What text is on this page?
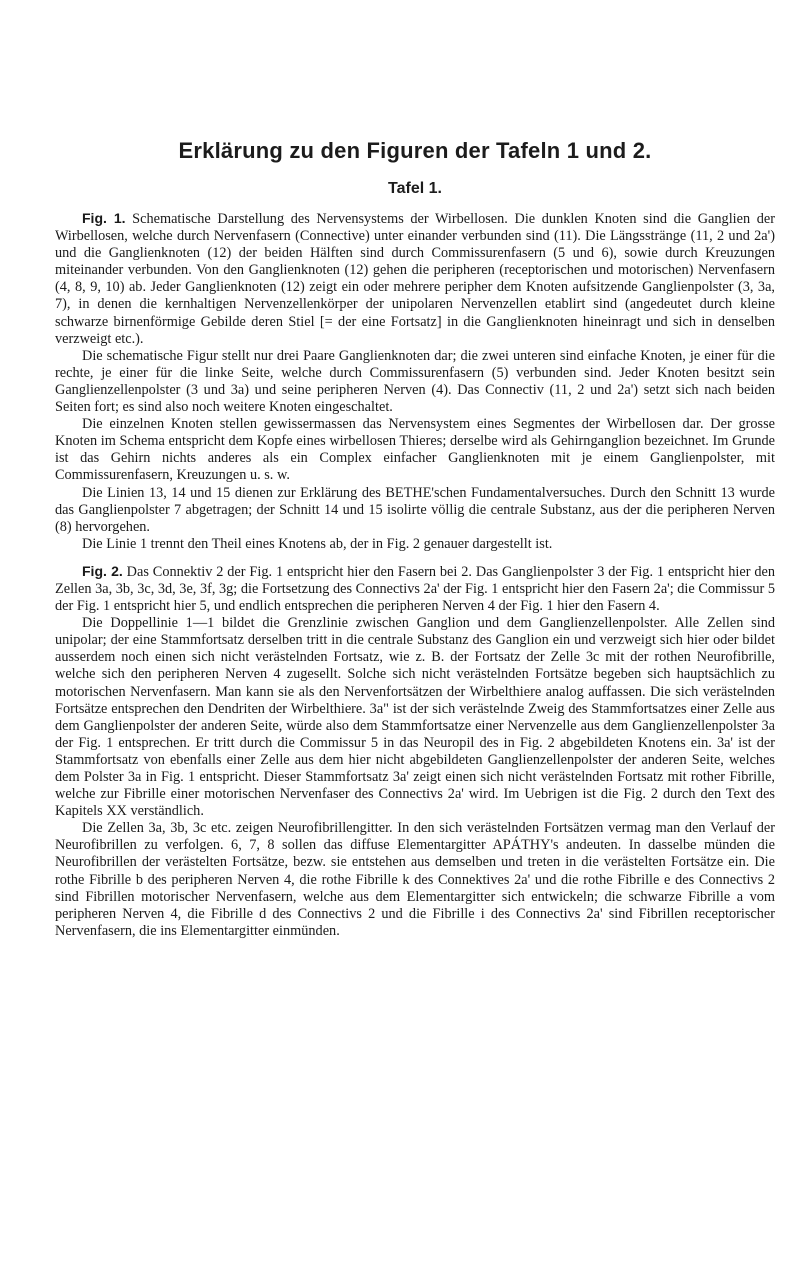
Erklärung zu den Figuren der Tafeln 1 und 2.
Tafel 1.

Fig. 1. Schematische Darstellung des Nervensystems der Wirbellosen. Die dunklen Knoten sind die Ganglien der Wirbellosen, welche durch Nervenfasern (Connective) unter einander verbunden sind (11). Die Längsstränge (11, 2 und 2a') und die Ganglienknoten (12) der beiden Hälften sind durch Commissurenfasern (5 und 6), sowie durch Kreuzungen miteinander verbunden. Von den Ganglienknoten (12) gehen die peripheren (receptorischen und motorischen) Nervenfasern (4, 8, 9, 10) ab. Jeder Ganglienknoten (12) zeigt ein oder mehrere peripher dem Knoten aufsitzende Ganglienpolster (3, 3a, 7), in denen die kernhaltigen Nervenzellenkörper der unipolaren Nervenzellen etablirt sind (angedeutet durch kleine schwarze birnenförmige Gebilde deren Stiel [= der eine Fortsatz] in die Ganglienknoten hineinragt und sich in denselben verzweigt etc.).

Die schematische Figur stellt nur drei Paare Ganglienknoten dar; die zwei unteren sind einfache Knoten, je einer für die rechte, je einer für die linke Seite, welche durch Commissurenfasern (5) verbunden sind. Jeder Knoten besitzt sein Ganglienzellenpolster (3 und 3a) und seine peripheren Nerven (4). Das Connectiv (11, 2 und 2a') setzt sich nach beiden Seiten fort; es sind also noch weitere Knoten eingeschaltet.

Die einzelnen Knoten stellen gewissermassen das Nervensystem eines Segmentes der Wirbellosen dar. Der grosse Knoten im Schema entspricht dem Kopfe eines wirbellosen Thieres; derselbe wird als Gehirnganglion bezeichnet. Im Grunde ist das Gehirn nichts anderes als ein Complex einfacher Ganglienknoten mit je einem Ganglienpolster, mit Commissurenfasern, Kreuzungen u. s. w.

Die Linien 13, 14 und 15 dienen zur Erklärung des BETHE'schen Fundamentalversuches. Durch den Schnitt 13 wurde das Ganglienpolster 7 abgetragen; der Schnitt 14 und 15 isolirte völlig die centrale Substanz, aus der die peripheren Nerven (8) hervorgehen.

Die Linie 1 trennt den Theil eines Knotens ab, der in Fig. 2 genauer dargestellt ist.

Fig. 2. Das Connektiv 2 der Fig. 1 entspricht hier den Fasern bei 2. Das Ganglienpolster 3 der Fig. 1 entspricht hier den Zellen 3a, 3b, 3c, 3d, 3e, 3f, 3g; die Fortsetzung des Connectivs 2a' der Fig. 1 entspricht hier den Fasern 2a'; die Commissur 5 der Fig. 1 entspricht hier 5, und endlich entsprechen die peripheren Nerven 4 der Fig. 1 hier den Fasern 4.

Die Doppellinie 1—1 bildet die Grenzlinie zwischen Ganglion und dem Ganglienzellenpolster. Alle Zellen sind unipolar; der eine Stammfortsatz derselben tritt in die centrale Substanz des Ganglion ein und verzweigt sich hier oder bildet ausserdem noch einen sich nicht verästelnden Fortsatz, wie z. B. der Fortsatz der Zelle 3c mit der rothen Neurofibrille, welche sich den peripheren Nerven 4 zugesellt. Solche sich nicht verästelnden Fortsätze begeben sich hauptsächlich zu motorischen Nervenfasern. Man kann sie als den Nervenfortsätzen der Wirbelthiere analog auffassen. Die sich verästelnden Fortsätze entsprechen den Dendriten der Wirbelthiere. 3a" ist der sich verästelnde Zweig des Stammfortsatzes einer Zelle aus dem Ganglienpolster der anderen Seite, würde also dem Stammfortsatze einer Nervenzelle aus dem Ganglienzellenpolster 3a der Fig. 1 entsprechen. Er tritt durch die Commissur 5 in das Neuropil des in Fig. 2 abgebildeten Knotens ein. 3a' ist der Stammfortsatz von ebenfalls einer Zelle aus dem hier nicht abgebildeten Ganglienzellenpolster der anderen Seite, welches dem Polster 3a in Fig. 1 entspricht. Dieser Stammfortsatz 3a' zeigt einen sich nicht verästelnden Fortsatz mit rother Fibrille, welche zur Fibrille einer motorischen Nervenfaser des Connectivs 2a' wird. Im Uebrigen ist die Fig. 2 durch den Text des Kapitels XX verständlich.

Die Zellen 3a, 3b, 3c etc. zeigen Neurofibrillengitter. In den sich verästelnden Fortsätzen vermag man den Verlauf der Neurofibrillen zu verfolgen. 6, 7, 8 sollen das diffuse Elementargitter APÁTHY's andeuten. In dasselbe münden die Neurofibrillen der verästelten Fortsätze, bezw. sie entstehen aus demselben und treten in die verästelten Fortsätze ein. Die rothe Fibrille b des peripheren Nerven 4, die rothe Fibrille k des Connektives 2a' und die rothe Fibrille e des Connectivs 2 sind Fibrillen motorischer Nervenfasern, welche aus dem Elementargitter sich entwickeln; die schwarze Fibrille a vom peripheren Nerven 4, die Fibrille d des Connectivs 2 und die Fibrille i des Connectivs 2a' sind Fibrillen receptorischer Nervenfasern, die ins Elementargitter einmünden.
